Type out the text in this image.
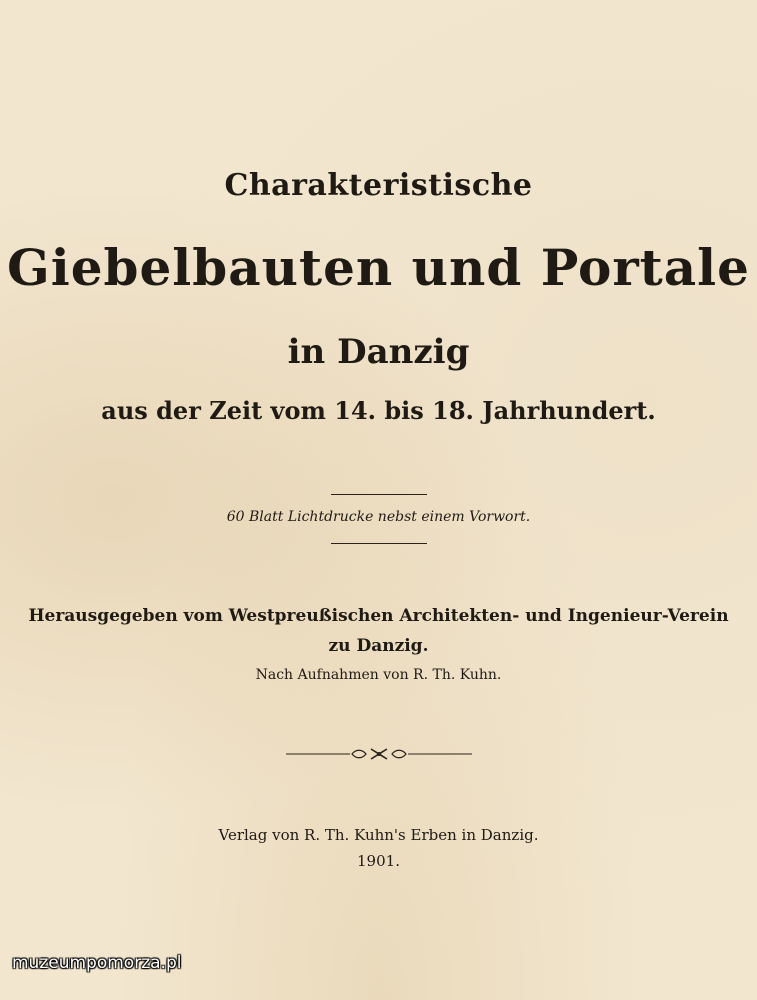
Charakteristische
Giebelbauten und Portale
in Danzig
aus der Zeit vom 14. bis 18. Jahrhundert.
60 Blatt Lichtdrucke nebst einem Vorwort.
Herausgegeben vom Westpreußischen Architekten- und Ingenieur-Verein
zu Danzig.
Nach Aufnahmen von R. Th. Kuhn.
Verlag von R. Th. Kuhn's Erben in Danzig.
1901.
muzeumpomorza.pl
